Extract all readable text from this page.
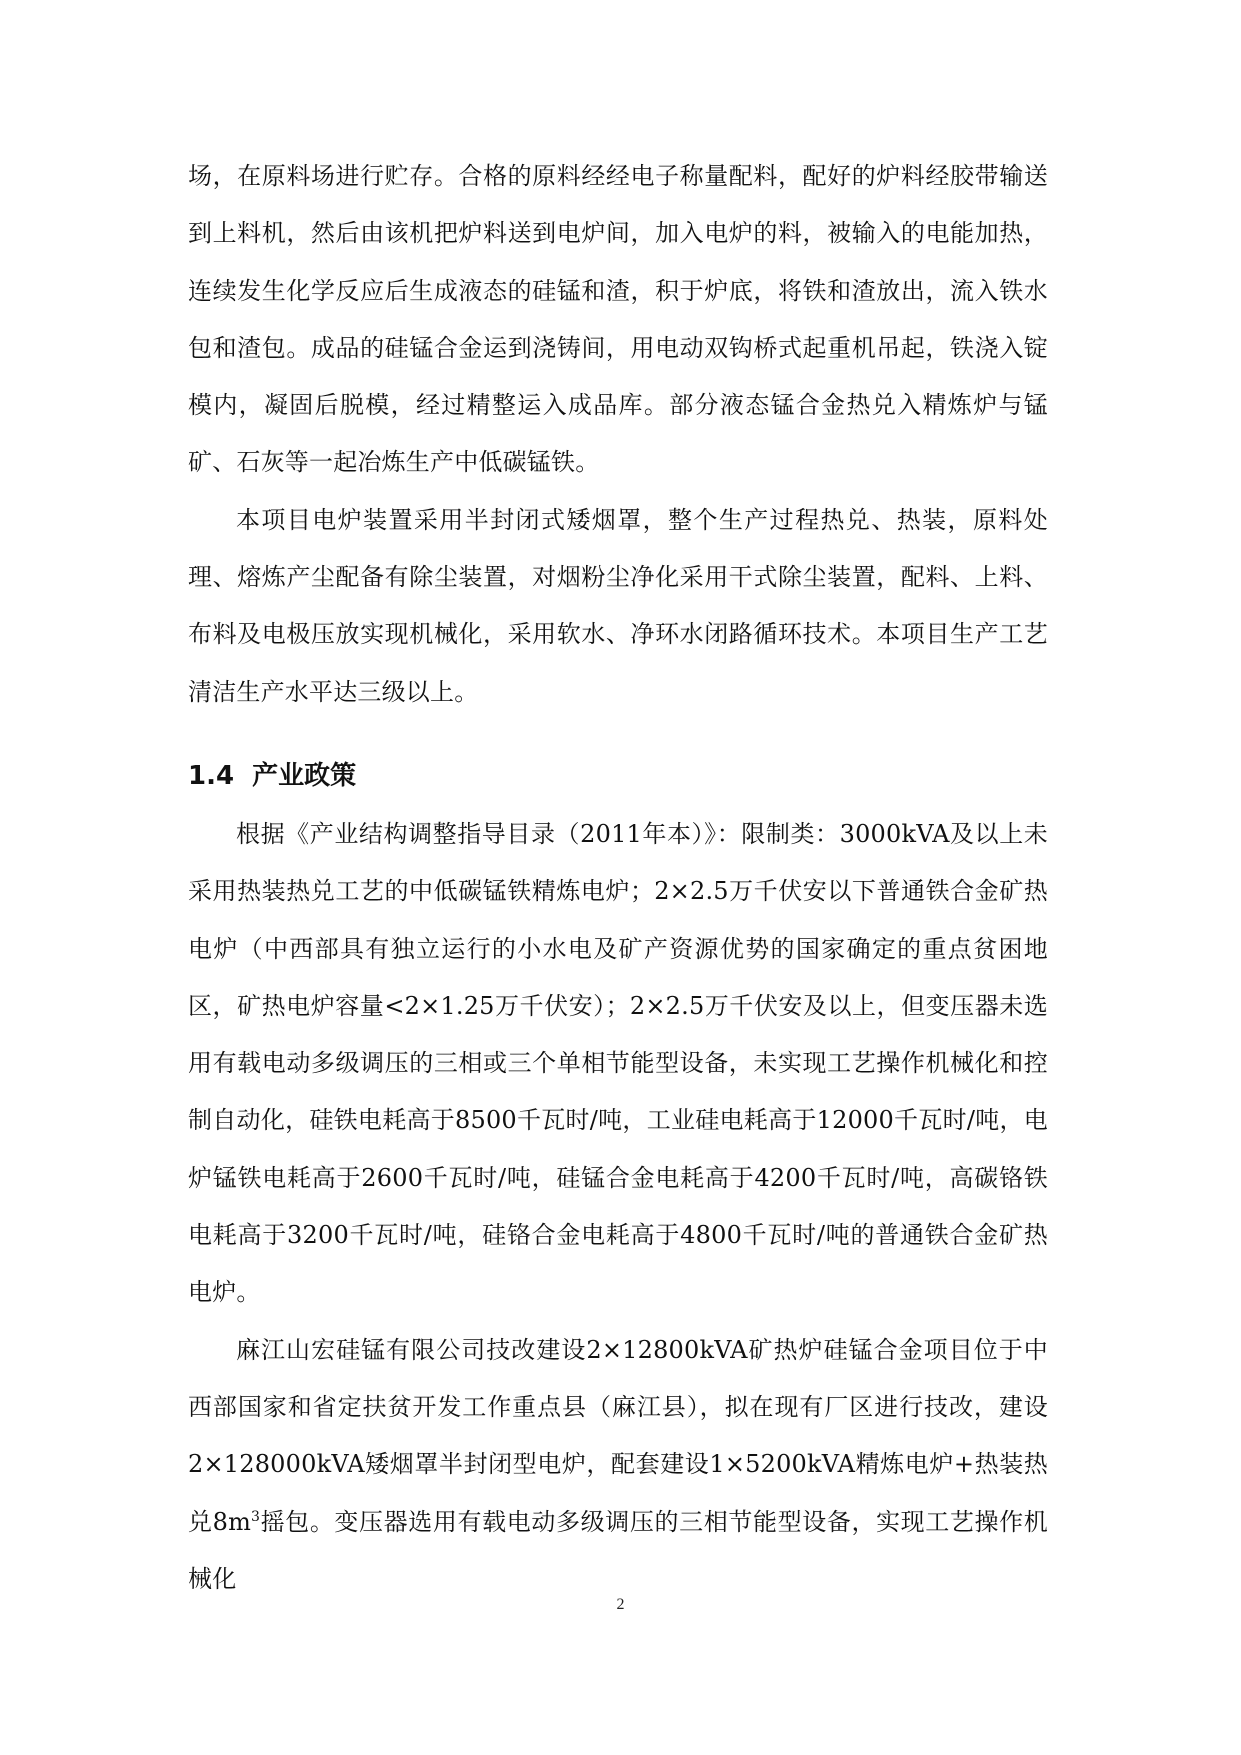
场，在原料场进行贮存。合格的原料经经电子称量配料，配好的炉料经胶带输送到上料机，然后由该机把炉料送到电炉间，加入电炉的料，被输入的电能加热，连续发生化学反应后生成液态的硅锰和渣，积于炉底，将铁和渣放出，流入铁水包和渣包。成品的硅锰合金运到浇铸间，用电动双钩桥式起重机吊起，铁浇入锭模内，凝固后脱模，经过精整运入成品库。部分液态锰合金热兑入精炼炉与锰矿、石灰等一起冶炼生产中低碳锰铁。

本项目电炉装置采用半封闭式矮烟罩，整个生产过程热兑、热装，原料处理、熔炼产尘配备有除尘装置，对烟粉尘净化采用干式除尘装置，配料、上料、布料及电极压放实现机械化，采用软水、净环水闭路循环技术。本项目生产工艺清洁生产水平达三级以上。

1.4 产业政策

根据《产业结构调整指导目录（2011年本）》：限制类：3000kVA及以上未采用热装热兑工艺的中低碳锰铁精炼电炉；2×2.5万千伏安以下普通铁合金矿热电炉（中西部具有独立运行的小水电及矿产资源优势的国家确定的重点贫困地区，矿热电炉容量<2×1.25万千伏安）；2×2.5万千伏安及以上，但变压器未选用有载电动多级调压的三相或三个单相节能型设备，未实现工艺操作机械化和控制自动化，硅铁电耗高于8500千瓦时/吨，工业硅电耗高于12000千瓦时/吨，电炉锰铁电耗高于2600千瓦时/吨，硅锰合金电耗高于4200千瓦时/吨，高碳铬铁电耗高于3200千瓦时/吨，硅铬合金电耗高于4800千瓦时/吨的普通铁合金矿热电炉。

麻江山宏硅锰有限公司技改建设2×12800kVA矿热炉硅锰合金项目位于中西部国家和省定扶贫开发工作重点县（麻江县），拟在现有厂区进行技改，建设2×128000kVA矮烟罩半封闭型电炉，配套建设1×5200kVA精炼电炉+热装热兑$8m^3$摇包。变压器选用有载电动多级调压的三相节能型设备，实现工艺操作机械化

2
